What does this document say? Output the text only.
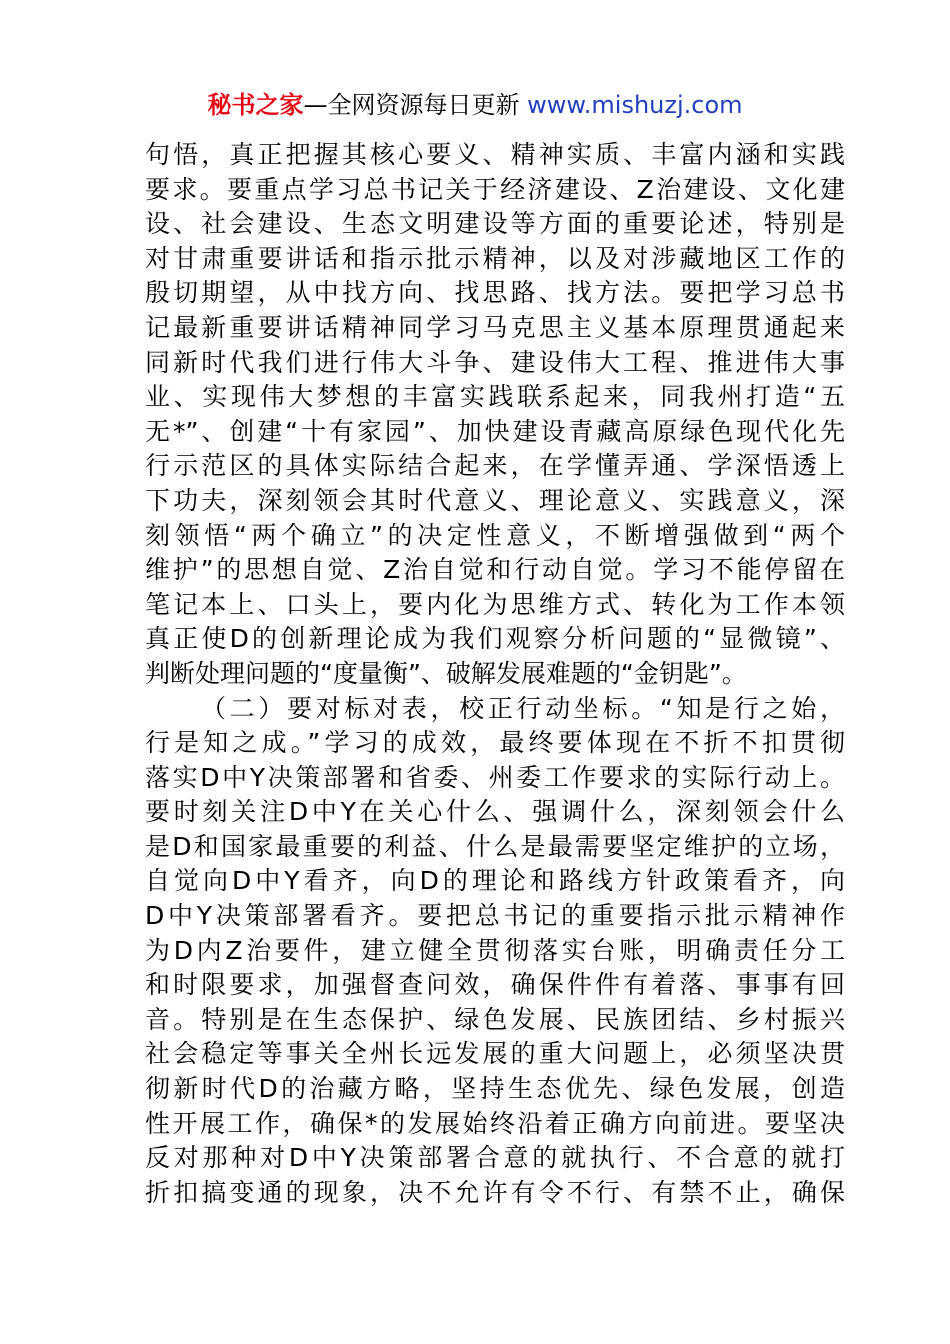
秘书之家—全网资源每日更新 www.mishuzj.com
句悟，真正把握其核心要义、精神实质、丰富内涵和实践
要求。要重点学习总书记关于经济建设、Z治建设、文化建
设、社会建设、生态文明建设等方面的重要论述，特别是
对甘肃重要讲话和指示批示精神，以及对涉藏地区工作的
殷切期望，从中找方向、找思路、找方法。要把学习总书
记最新重要讲话精神同学习马克思主义基本原理贯通起来
同新时代我们进行伟大斗争、建设伟大工程、推进伟大事
业、实现伟大梦想的丰富实践联系起来，同我州打造“五
无*”、创建“十有家园”、加快建设青藏高原绿色现代化先
行示范区的具体实际结合起来，在学懂弄通、学深悟透上
下功夫，深刻领会其时代意义、理论意义、实践意义，深
刻领悟“两个确立”的决定性意义，不断增强做到“两个
维护”的思想自觉、Z治自觉和行动自觉。学习不能停留在
笔记本上、口头上，要内化为思维方式、转化为工作本领
真正使D的创新理论成为我们观察分析问题的“显微镜”、
判断处理问题的“度量衡”、破解发展难题的“金钥匙”。
（二）要对标对表，校正行动坐标。“知是行之始，
行是知之成。”学习的成效，最终要体现在不折不扣贯彻
落实D中Y决策部署和省委、州委工作要求的实际行动上。
要时刻关注D中Y在关心什么、强调什么，深刻领会什么
是D和国家最重要的利益、什么是最需要坚定维护的立场，
自觉向D中Y看齐，向D的理论和路线方针政策看齐，向
D中Y决策部署看齐。要把总书记的重要指示批示精神作
为D内Z治要件，建立健全贯彻落实台账，明确责任分工
和时限要求，加强督查问效，确保件件有着落、事事有回
音。特别是在生态保护、绿色发展、民族团结、乡村振兴
社会稳定等事关全州长远发展的重大问题上，必须坚决贯
彻新时代D的治藏方略，坚持生态优先、绿色发展，创造
性开展工作，确保*的发展始终沿着正确方向前进。要坚决
反对那种对D中Y决策部署合意的就执行、不合意的就打
折扣搞变通的现象，决不允许有令不行、有禁不止，确保
